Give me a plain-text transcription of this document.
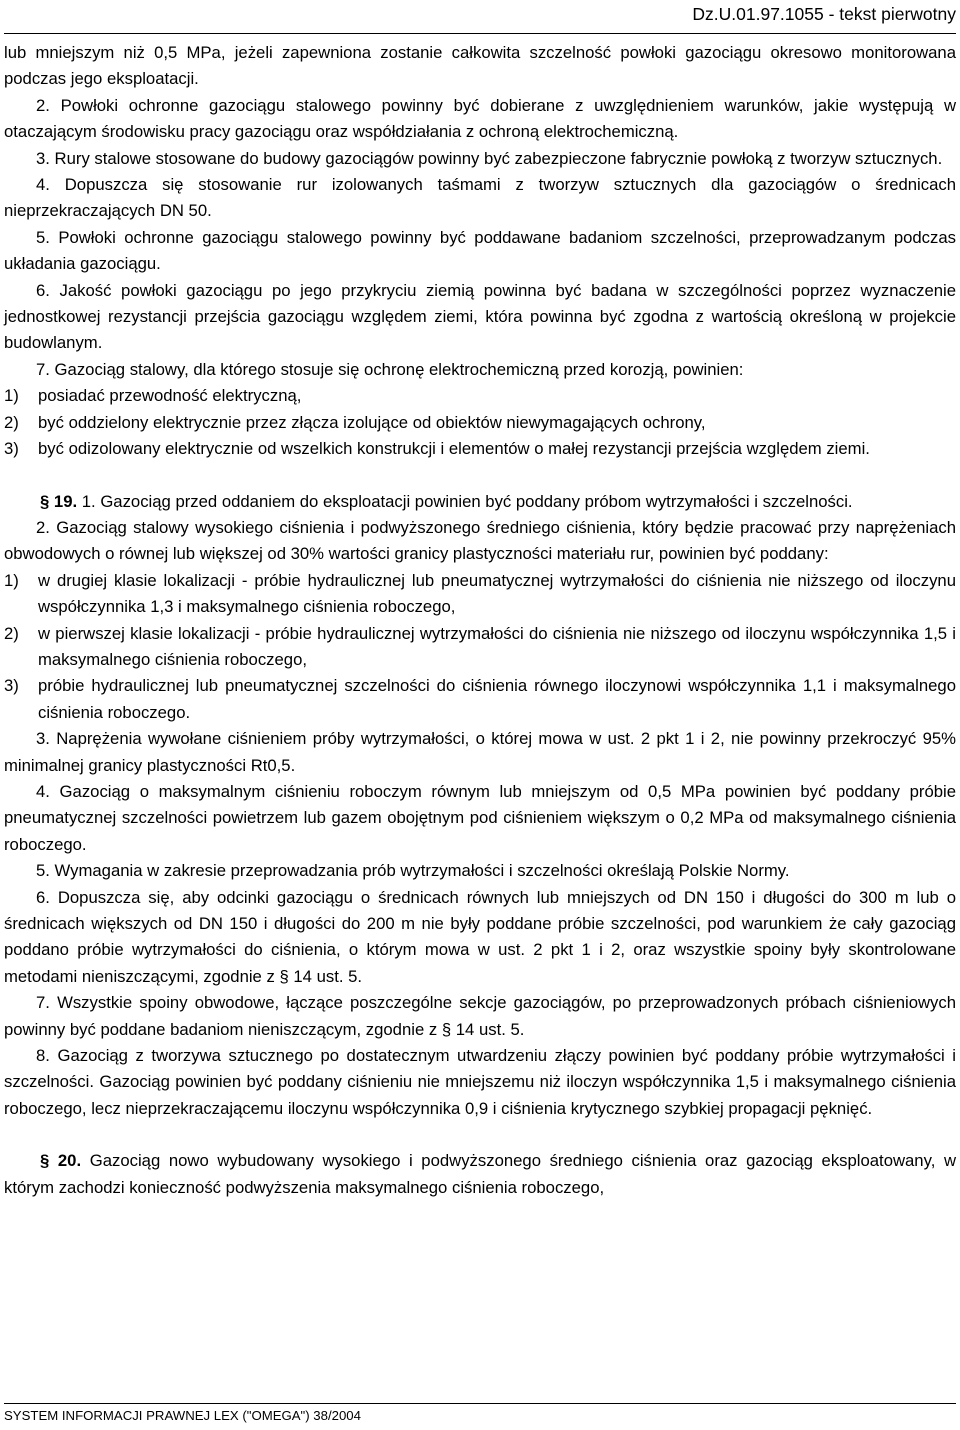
Dz.U.01.97.1055 - tekst pierwotny

lub mniejszym niż 0,5 MPa, jeżeli zapewniona zostanie całkowita szczelność powłoki gazociągu okresowo monitorowana podczas jego eksploatacji.

2. Powłoki ochronne gazociągu stalowego powinny być dobierane z uwzględnieniem warunków, jakie występują w otaczającym środowisku pracy gazociągu oraz współdziałania z ochroną elektrochemiczną.

3. Rury stalowe stosowane do budowy gazociągów powinny być zabezpieczone fabrycznie powłoką z tworzyw sztucznych.

4. Dopuszcza się stosowanie rur izolowanych taśmami z tworzyw sztucznych dla gazociągów o średnicach nieprzekraczających DN 50.

5. Powłoki ochronne gazociągu stalowego powinny być poddawane badaniom szczelności, przeprowadzanym podczas układania gazociągu.

6. Jakość powłoki gazociągu po jego przykryciu ziemią powinna być badana w szczególności poprzez wyznaczenie jednostkowej rezystancji przejścia gazociągu względem ziemi, która powinna być zgodna z wartością określoną w projekcie budowlanym.

7. Gazociąg stalowy, dla którego stosuje się ochronę elektrochemiczną przed korozją, powinien:

1) posiadać przewodność elektryczną,

2) być oddzielony elektrycznie przez złącza izolujące od obiektów niewymagających ochrony,

3) być odizolowany elektrycznie od wszelkich konstrukcji i elementów o małej rezystancji przejścia względem ziemi.

§ 19. 1. Gazociąg przed oddaniem do eksploatacji powinien być poddany próbom wytrzymałości i szczelności.

2. Gazociąg stalowy wysokiego ciśnienia i podwyższonego średniego ciśnienia, który będzie pracować przy naprężeniach obwodowych o równej lub większej od 30% wartości granicy plastyczności materiału rur, powinien być poddany:

1) w drugiej klasie lokalizacji - próbie hydraulicznej lub pneumatycznej wytrzymałości do ciśnienia nie niższego od iloczynu współczynnika 1,3 i maksymalnego ciśnienia roboczego,

2) w pierwszej klasie lokalizacji - próbie hydraulicznej wytrzymałości do ciśnienia nie niższego od iloczynu współczynnika 1,5 i maksymalnego ciśnienia roboczego,

3) próbie hydraulicznej lub pneumatycznej szczelności do ciśnienia równego iloczynowi współczynnika 1,1 i maksymalnego ciśnienia roboczego.

3. Naprężenia wywołane ciśnieniem próby wytrzymałości, o której mowa w ust. 2 pkt 1 i 2, nie powinny przekroczyć 95% minimalnej granicy plastyczności Rt0,5.

4. Gazociąg o maksymalnym ciśnieniu roboczym równym lub mniejszym od 0,5 MPa powinien być poddany próbie pneumatycznej szczelności powietrzem lub gazem obojętnym pod ciśnieniem większym o 0,2 MPa od maksymalnego ciśnienia roboczego.

5. Wymagania w zakresie przeprowadzania prób wytrzymałości i szczelności określają Polskie Normy.

6. Dopuszcza się, aby odcinki gazociągu o średnicach równych lub mniejszych od DN 150 i długości do 300 m lub o średnicach większych od DN 150 i długości do 200 m nie były poddane próbie szczelności, pod warunkiem że cały gazociąg poddano próbie wytrzymałości do ciśnienia, o którym mowa w ust. 2 pkt 1 i 2, oraz wszystkie spoiny były skontrolowane metodami nieniszczącymi, zgodnie z § 14 ust. 5.

7. Wszystkie spoiny obwodowe, łączące poszczególne sekcje gazociągów, po przeprowadzonych próbach ciśnieniowych powinny być poddane badaniom nieniszczącym, zgodnie z § 14 ust. 5.

8. Gazociąg z tworzywa sztucznego po dostatecznym utwardzeniu złączy powinien być poddany próbie wytrzymałości i szczelności. Gazociąg powinien być poddany ciśnieniu nie mniejszemu niż iloczyn współczynnika 1,5 i maksymalnego ciśnienia roboczego, lecz nieprzekraczającemu iloczynu współczynnika 0,9 i ciśnienia krytycznego szybkiej propagacji pęknięć.

§ 20. Gazociąg nowo wybudowany wysokiego i podwyższonego średniego ciśnienia oraz gazociąg eksploatowany, w którym zachodzi konieczność podwyższenia maksymalnego ciśnienia roboczego,

SYSTEM INFORMACJI PRAWNEJ LEX ("OMEGA") 38/2004
